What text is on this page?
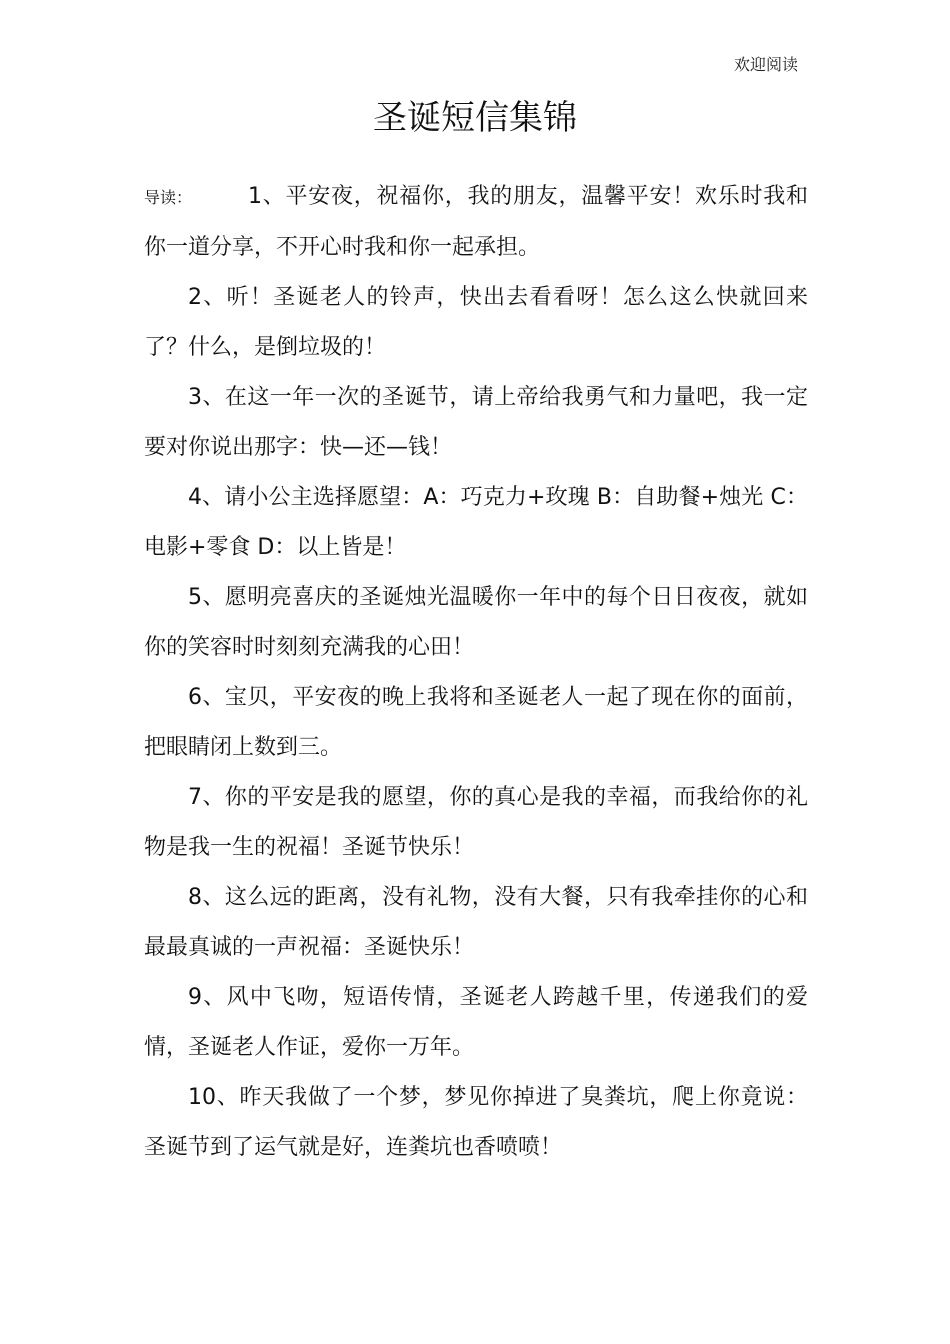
欢迎阅读
圣诞短信集锦

导读：	1、平安夜，祝福你，我的朋友，温馨平安！欢乐时我和你一道分享，不开心时我和你一起承担。

2、听！圣诞老人的铃声，快出去看看呀！怎么这么快就回来了？什么，是倒垃圾的！

3、在这一年一次的圣诞节，请上帝给我勇气和力量吧，我一定要对你说出那字：快—还—钱！

4、请小公主选择愿望：A：巧克力+玫瑰 B：自助餐+烛光 C：电影+零食 D：以上皆是！

5、愿明亮喜庆的圣诞烛光温暖你一年中的每个日日夜夜，就如你的笑容时时刻刻充满我的心田！

6、宝贝，平安夜的晚上我将和圣诞老人一起了现在你的面前，把眼睛闭上数到三。

7、你的平安是我的愿望，你的真心是我的幸福，而我给你的礼物是我一生的祝福！圣诞节快乐！

8、这么远的距离，没有礼物，没有大餐，只有我牵挂你的心和最最真诚的一声祝福：圣诞快乐！

9、风中飞吻，短语传情，圣诞老人跨越千里，传递我们的爱情，圣诞老人作证，爱你一万年。

10、昨天我做了一个梦，梦见你掉进了臭粪坑，爬上你竟说：圣诞节到了运气就是好，连粪坑也香喷喷！
